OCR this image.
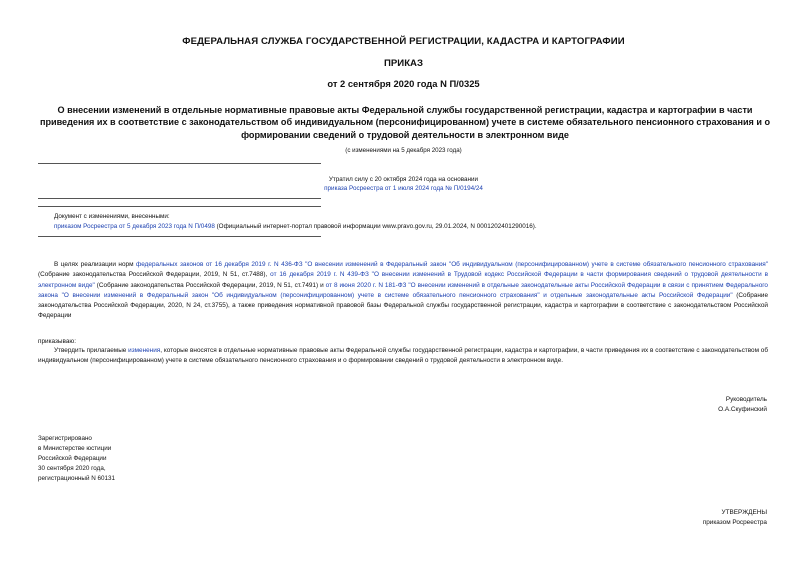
ФЕДЕРАЛЬНАЯ СЛУЖБА ГОСУДАРСТВЕННОЙ РЕГИСТРАЦИИ, КАДАСТРА И КАРТОГРАФИИ
ПРИКАЗ
от 2 сентября 2020 года N П/0325
О внесении изменений в отдельные нормативные правовые акты Федеральной службы государственной регистрации, кадастра и картографии в части приведения их в соответствие с законодательством об индивидуальном (персонифицированном) учете в системе обязательного пенсионного страхования и о формировании сведений о трудовой деятельности в электронном виде
(с изменениями на 5 декабря 2023 года)
Утратил силу с 20 октября 2024 года на основании
приказа Росреестра от 1 июля 2024 года № П/0194/24
Документ с изменениями, внесенными:
приказом Росреестра от 5 декабря 2023 года N П/0498 (Официальный интернет-портал правовой информации www.pravo.gov.ru, 29.01.2024, N 0001202401290016).
В целях реализации норм федеральных законов от 16 декабря 2019 г. N 436-ФЗ "О внесении изменений в Федеральный закон "Об индивидуальном (персонифицированном) учете в системе обязательного пенсионного страхования" (Собрание законодательства Российской Федерации, 2019, N 51, ст.7488), от 16 декабря 2019 г. N 439-ФЗ "О внесении изменений в Трудовой кодекс Российской Федерации в части формирования сведений о трудовой деятельности в электронном виде" (Собрание законодательства Российской Федерации, 2019, N 51, ст.7491) и от 8 июня 2020 г. N 181-ФЗ "О внесении изменений в отдельные законодательные акты Российской Федерации в связи с принятием Федерального закона "О внесении изменений в Федеральный закон "Об индивидуальном (персонифицированном) учете в системе обязательного пенсионного страхования" и отдельные законодательные акты Российской Федерации" (Собрание законодательства Российской Федерации, 2020, N 24, ст.3755), а также приведения нормативной правовой базы Федеральной службы государственной регистрации, кадастра и картографии в соответствие с законодательством Российской Федерации
приказываю:
Утвердить прилагаемые изменения, которые вносятся в отдельные нормативные правовые акты Федеральной службы государственной регистрации, кадастра и картографии, в части приведения их в соответствие с законодательством об индивидуальном (персонифицированном) учете в системе обязательного пенсионного страхования и о формировании сведений о трудовой деятельности в электронном виде.
Руководитель
О.А.Скуфинский
Зарегистрировано
в Министерстве юстиции
Российской Федерации
30 сентября 2020 года,
регистрационный N 60131
УТВЕРЖДЕНЫ
приказом Росреестра
